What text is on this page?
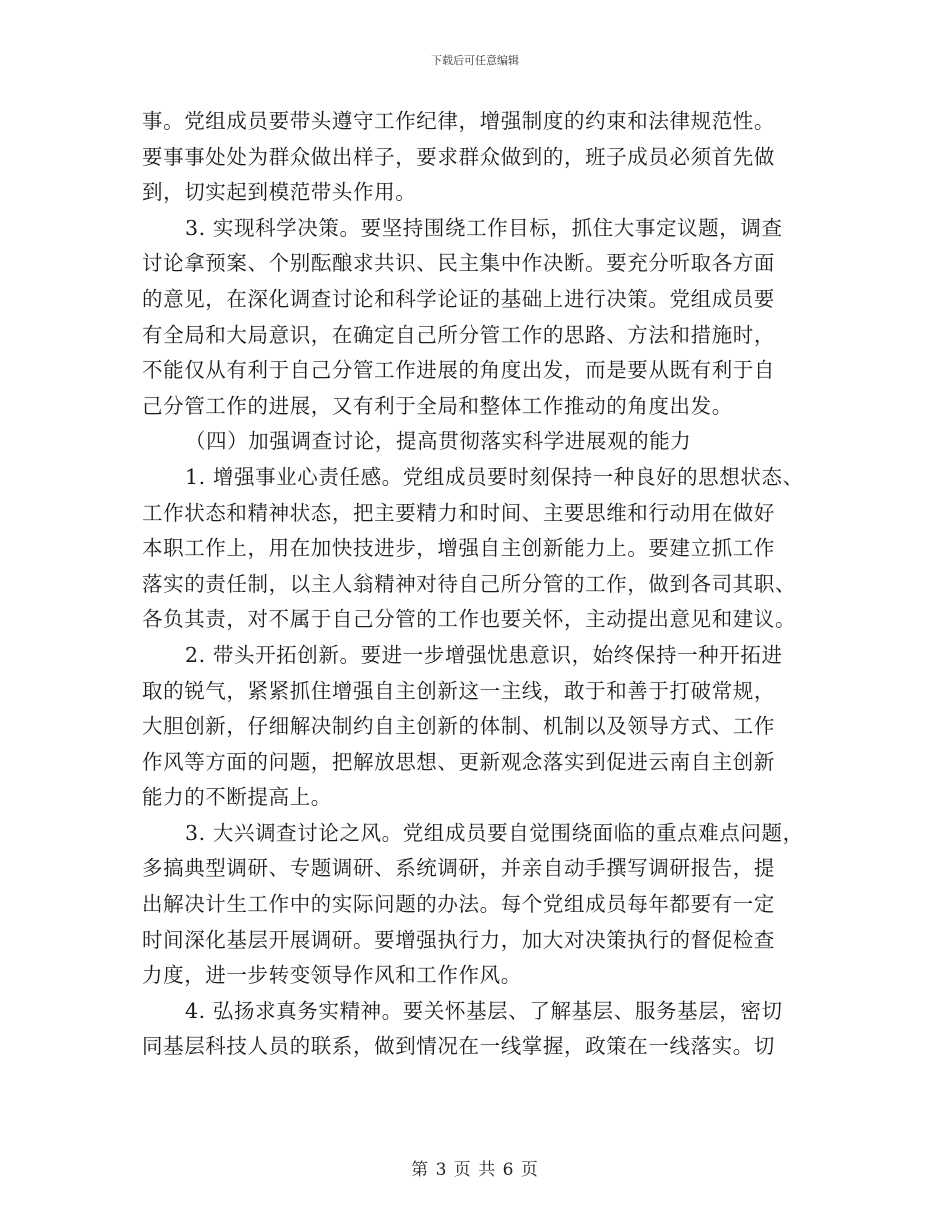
下载后可任意编辑
事。党组成员要带头遵守工作纪律，增强制度的约束和法律规范性。
要事事处处为群众做出样子，要求群众做到的，班子成员必须首先做
到，切实起到模范带头作用。
3. 实现科学决策。要坚持围绕工作目标，抓住大事定议题，调查
讨论拿预案、个别酝酿求共识、民主集中作决断。要充分听取各方面
的意见，在深化调查讨论和科学论证的基础上进行决策。党组成员要
有全局和大局意识，在确定自己所分管工作的思路、方法和措施时，
不能仅从有利于自己分管工作进展的角度出发，而是要从既有利于自
己分管工作的进展，又有利于全局和整体工作推动的角度出发。
（四）加强调查讨论，提高贯彻落实科学进展观的能力
1. 增强事业心责任感。党组成员要时刻保持一种良好的思想状态、
工作状态和精神状态，把主要精力和时间、主要思维和行动用在做好
本职工作上，用在加快技进步，增强自主创新能力上。要建立抓工作
落实的责任制，以主人翁精神对待自己所分管的工作，做到各司其职、
各负其责，对不属于自己分管的工作也要关怀，主动提出意见和建议。
2. 带头开拓创新。要进一步增强忧患意识，始终保持一种开拓进
取的锐气，紧紧抓住增强自主创新这一主线，敢于和善于打破常规，
大胆创新，仔细解决制约自主创新的体制、机制以及领导方式、工作
作风等方面的问题，把解放思想、更新观念落实到促进云南自主创新
能力的不断提高上。
3. 大兴调查讨论之风。党组成员要自觉围绕面临的重点难点问题，
多搞典型调研、专题调研、系统调研，并亲自动手撰写调研报告，提
出解决计生工作中的实际问题的办法。每个党组成员每年都要有一定
时间深化基层开展调研。要增强执行力，加大对决策执行的督促检查
力度，进一步转变领导作风和工作作风。
4. 弘扬求真务实精神。要关怀基层、了解基层、服务基层，密切
同基层科技人员的联系，做到情况在一线掌握，政策在一线落实。切
第 3 页 共 6 页
